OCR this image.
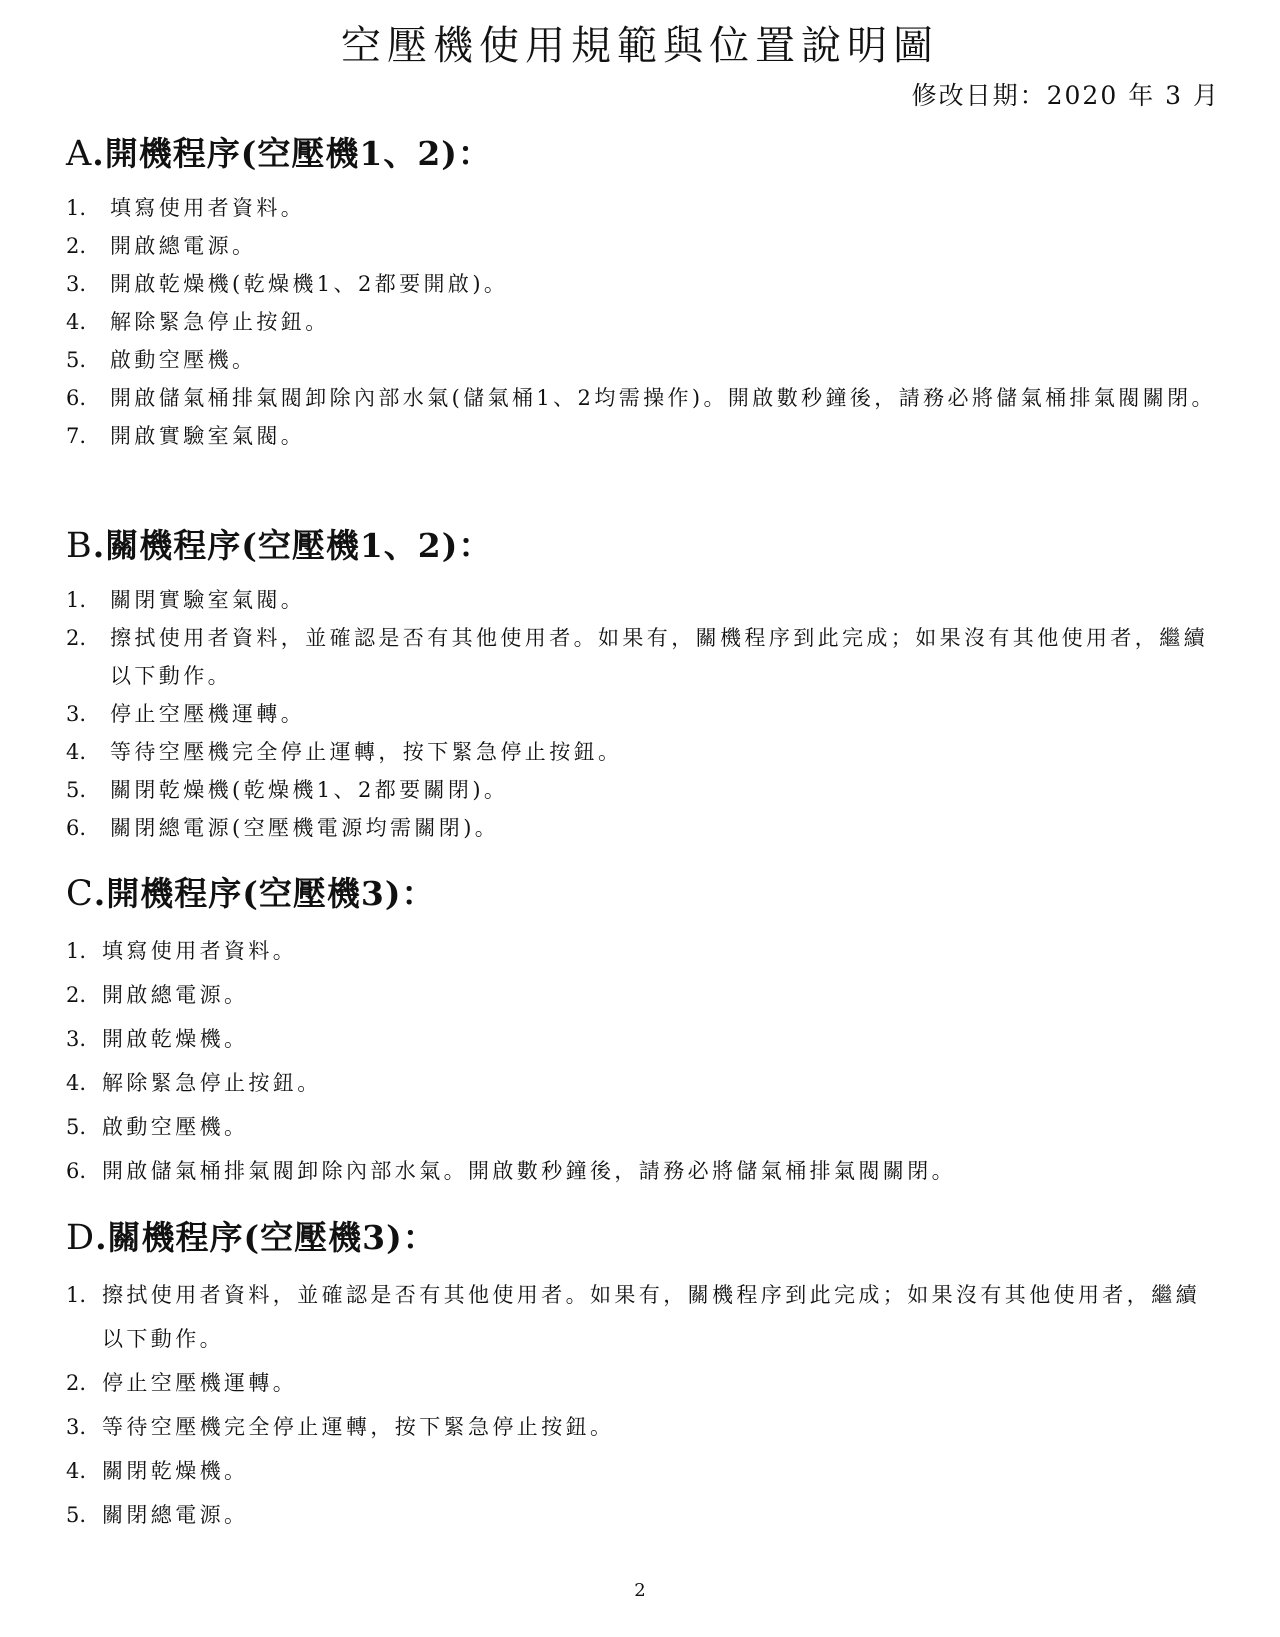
空壓機使用規範與位置說明圖

修改日期：2020 年 3 月

A.開機程序(空壓機1、2)：
1. 填寫使用者資料。
2. 開啟總電源。
3. 開啟乾燥機(乾燥機1、2都要開啟)。
4. 解除緊急停止按鈕。
5. 啟動空壓機。
6. 開啟儲氣桶排氣閥卸除內部水氣(儲氣桶1、2均需操作)。開啟數秒鐘後，請務必將儲氣桶排氣閥關閉。
7. 開啟實驗室氣閥。
B.關機程序(空壓機1、2)：
1. 關閉實驗室氣閥。
2. 擦拭使用者資料，並確認是否有其他使用者。如果有，關機程序到此完成；如果沒有其他使用者，繼續以下動作。
3. 停止空壓機運轉。
4. 等待空壓機完全停止運轉，按下緊急停止按鈕。
5. 關閉乾燥機(乾燥機1、2都要關閉)。
6. 關閉總電源(空壓機電源均需關閉)。
C.開機程序(空壓機3)：
1. 填寫使用者資料。
2. 開啟總電源。
3. 開啟乾燥機。
4. 解除緊急停止按鈕。
5. 啟動空壓機。
6. 開啟儲氣桶排氣閥卸除內部水氣。開啟數秒鐘後，請務必將儲氣桶排氣閥關閉。
D.關機程序(空壓機3)：
1. 擦拭使用者資料，並確認是否有其他使用者。如果有，關機程序到此完成；如果沒有其他使用者，繼續以下動作。
2. 停止空壓機運轉。
3. 等待空壓機完全停止運轉，按下緊急停止按鈕。
4. 關閉乾燥機。
5. 關閉總電源。

2
